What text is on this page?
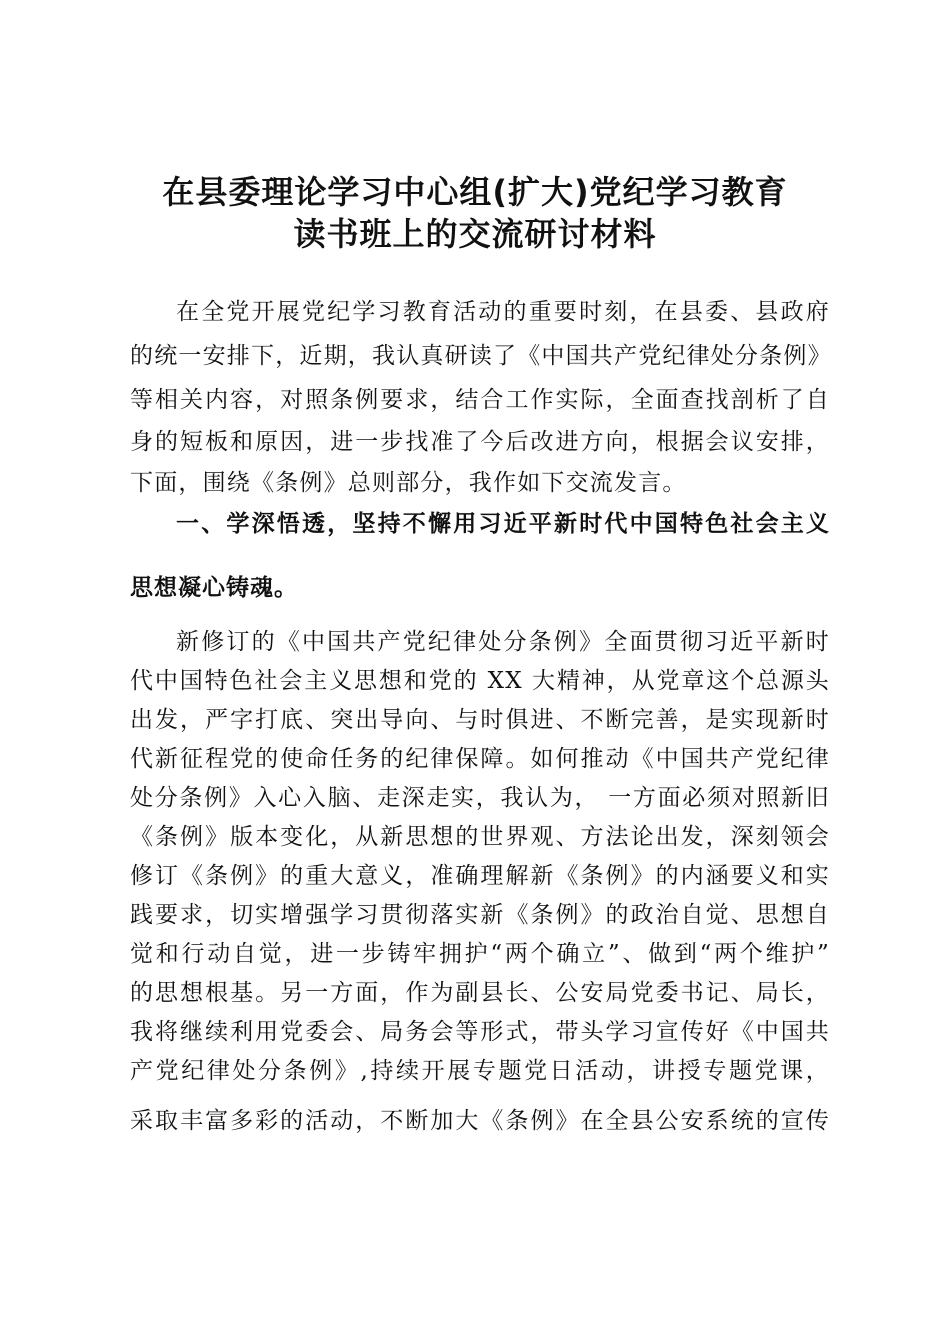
在县委理论学习中心组(扩大)党纪学习教育
读书班上的交流研讨材料
在全党开展党纪学习教育活动的重要时刻，在县委、县政府
的统一安排下，近期，我认真研读了《中国共产党纪律处分条例》
等相关内容，对照条例要求，结合工作实际，全面查找剖析了自
身的短板和原因，进一步找准了今后改进方向，根据会议安排，
下面，围绕《条例》总则部分，我作如下交流发言。
一、学深悟透，坚持不懈用习近平新时代中国特色社会主义
思想凝心铸魂。
新修订的《中国共产党纪律处分条例》全面贯彻习近平新时
代中国特色社会主义思想和党的 XX 大精神，从党章这个总源头
出发，严字打底、突出导向、与时俱进、不断完善，是实现新时
代新征程党的使命任务的纪律保障。如何推动《中国共产党纪律
处分条例》入心入脑、走深走实，我认为， 一方面必须对照新旧
《条例》版本变化，从新思想的世界观、方法论出发，深刻领会
修订《条例》的重大意义，准确理解新《条例》的内涵要义和实
践要求，切实增强学习贯彻落实新《条例》的政治自觉、思想自
觉和行动自觉，进一步铸牢拥护“两个确立”、做到“两个维护”
的思想根基。另一方面，作为副县长、公安局党委书记、局长，
我将继续利用党委会、局务会等形式，带头学习宣传好《中国共
产党纪律处分条例》,持续开展专题党日活动，讲授专题党课，
采取丰富多彩的活动，不断加大《条例》在全县公安系统的宣传
